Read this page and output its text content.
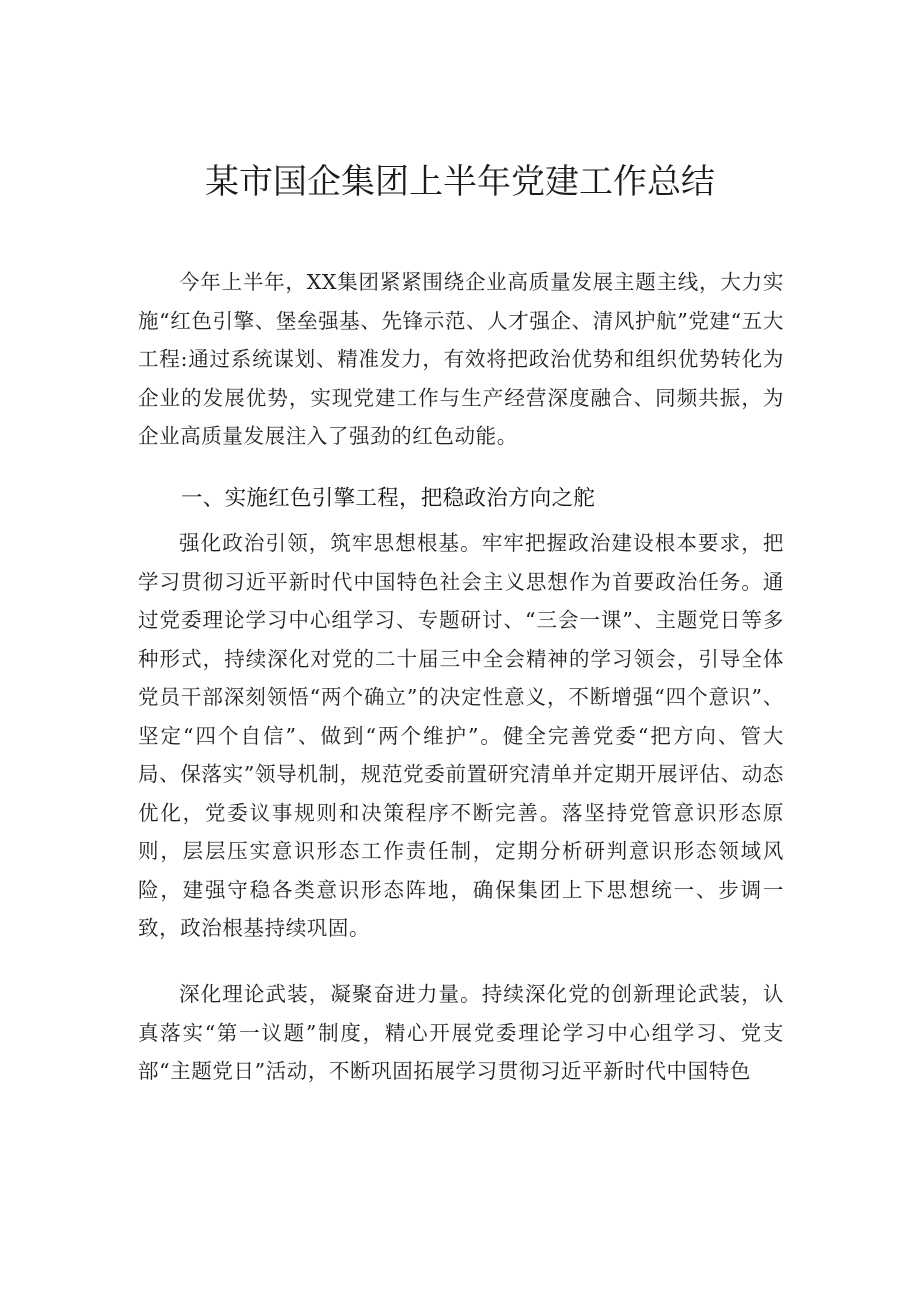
某市国企集团上半年党建工作总结

今年上半年，XX集团紧紧围绕企业高质量发展主题主线，大力实施“红色引擎、堡垒强基、先锋示范、人才强企、清风护航”党建“五大工程:通过系统谋划、精准发力，有效将把政治优势和组织优势转化为企业的发展优势，实现党建工作与生产经营深度融合、同频共振，为企业高质量发展注入了强劲的红色动能。

一、实施红色引擎工程，把稳政治方向之舵

强化政治引领，筑牢思想根基。牢牢把握政治建设根本要求，把学习贯彻习近平新时代中国特色社会主义思想作为首要政治任务。通过党委理论学习中心组学习、专题研讨、“三会一课”、主题党日等多种形式，持续深化对党的二十届三中全会精神的学习领会，引导全体党员干部深刻领悟“两个确立”的决定性意义，不断增强“四个意识”、坚定“四个自信”、做到“两个维护”。健全完善党委“把方向、管大局、保落实”领导机制，规范党委前置研究清单并定期开展评估、动态优化，党委议事规则和决策程序不断完善。落坚持党管意识形态原则，层层压实意识形态工作责任制，定期分析研判意识形态领域风险，建强守稳各类意识形态阵地，确保集团上下思想统一、步调一致，政治根基持续巩固。

深化理论武装，凝聚奋进力量。持续深化党的创新理论武装，认真落实“第一议题”制度，精心开展党委理论学习中心组学习、党支部“主题党日”活动，不断巩固拓展学习贯彻习近平新时代中国特色
